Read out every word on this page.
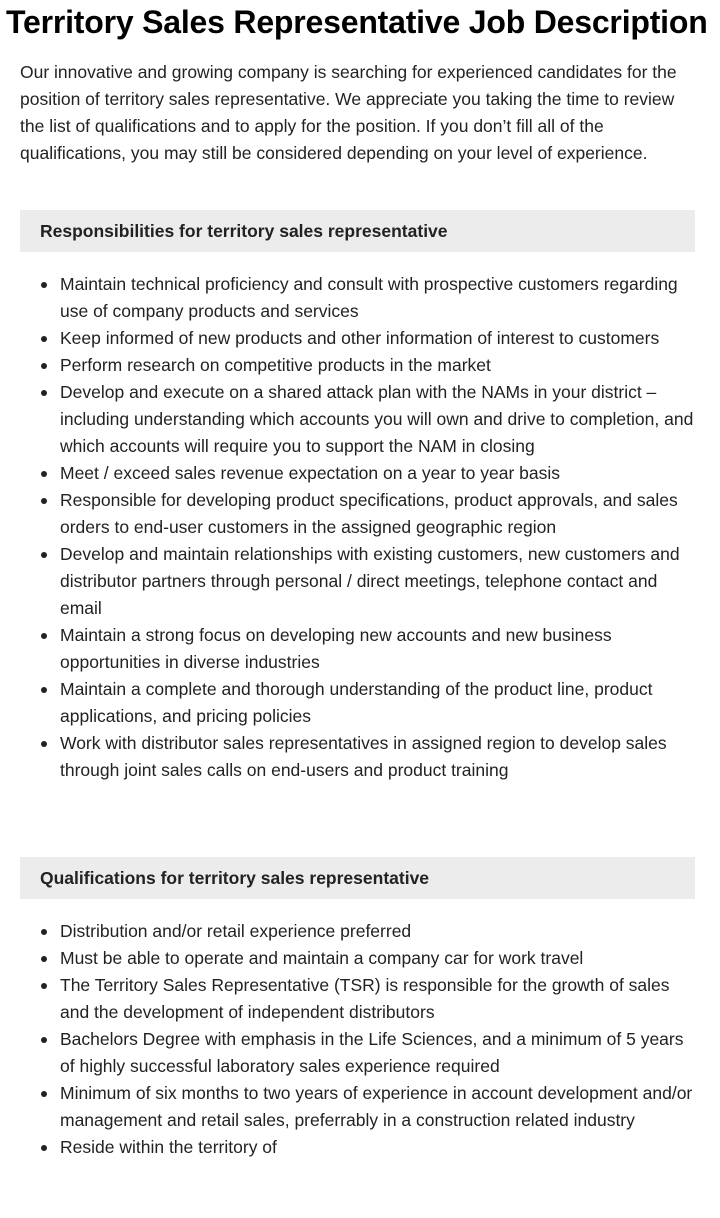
Territory Sales Representative Job Description

Our innovative and growing company is searching for experienced candidates for the position of territory sales representative. We appreciate you taking the time to review the list of qualifications and to apply for the position. If you don’t fill all of the qualifications, you may still be considered depending on your level of experience.

Responsibilities for territory sales representative
Maintain technical proficiency and consult with prospective customers regarding use of company products and services
Keep informed of new products and other information of interest to customers
Perform research on competitive products in the market
Develop and execute on a shared attack plan with the NAMs in your district – including understanding which accounts you will own and drive to completion, and which accounts will require you to support the NAM in closing
Meet / exceed sales revenue expectation on a year to year basis
Responsible for developing product specifications, product approvals, and sales orders to end-user customers in the assigned geographic region
Develop and maintain relationships with existing customers, new customers and distributor partners through personal / direct meetings, telephone contact and email
Maintain a strong focus on developing new accounts and new business opportunities in diverse industries
Maintain a complete and thorough understanding of the product line, product applications, and pricing policies
Work with distributor sales representatives in assigned region to develop sales through joint sales calls on end-users and product training
Qualifications for territory sales representative
Distribution and/or retail experience preferred
Must be able to operate and maintain a company car for work travel
The Territory Sales Representative (TSR) is responsible for the growth of sales and the development of independent distributors
Bachelors Degree with emphasis in the Life Sciences, and a minimum of 5 years of highly successful laboratory sales experience required
Minimum of six months to two years of experience in account development and/or management and retail sales, preferrably in a construction related industry
Reside within the territory of
